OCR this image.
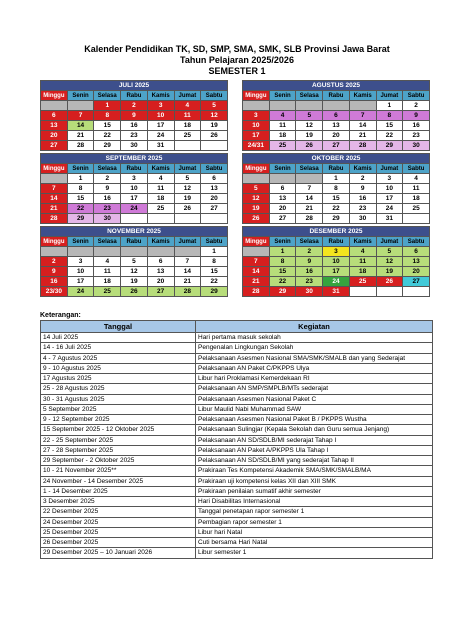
Kalender Pendidikan TK, SD, SMP, SMA, SMK, SLB Provinsi Jawa Barat
Tahun Pelajaran 2025/2026
SEMESTER 1
JULI 2025						
Minggu	Senin	Selasa	Rabu	Kamis	Jumat	Sabtu
		1	2	3	4	5
6	7	8	9	10	11	12
13	14	15	16	17	18	19
20	21	22	23	24	25	26
27	28	29	30	31		
AGUSTUS 2025						
Minggu	Senin	Selasa	Rabu	Kamis	Jumat	Sabtu
					1	2
3	4	5	6	7	8	9
10	11	12	13	14	15	16
17	18	19	20	21	22	23
24/31	25	26	27	28	29	30
SEPTEMBER 2025						
Minggu	Senin	Selasa	Rabu	Kamis	Jumat	Sabtu
	1	2	3	4	5	6
7	8	9	10	11	12	13
14	15	16	17	18	19	20
21	22	23	24	25	26	27
28	29	30				
OKTOBER 2025						
Minggu	Senin	Selasa	Rabu	Kamis	Jumat	Sabtu
			1	2	3	4
5	6	7	8	9	10	11
12	13	14	15	16	17	18
19	20	21	22	23	24	25
26	27	28	29	30	31	
NOVEMBER 2025						
Minggu	Senin	Selasa	Rabu	Kamis	Jumat	Sabtu
						1
2	3	4	5	6	7	8
9	10	11	12	13	14	15
16	17	18	19	20	21	22
23/30	24	25	26	27	28	29
DESEMBER 2025						
Minggu	Senin	Selasa	Rabu	Kamis	Jumat	Sabtu
	1	2	3	4	5	6
7	8	9	10	11	12	13
14	15	16	17	18	19	20
21	22	23	24	25	26	27
28	29	30	31			
Keterangan:
Tanggal	Kegiatan
14 Juli 2025	Hari pertama masuk sekolah
14 - 16 Juli 2025	Pengenalan Lingkungan Sekolah
4 - 7 Agustus 2025	Pelaksanaan Asesmen Nasional SMA/SMK/SMALB dan yang Sederajat
9 - 10 Agustus 2025	Pelaksanaan AN Paket C/PKPPS Ulya
17 Agustus 2025	Libur hari Proklamasi Kemerdekaan RI
25 - 28 Agustus 2025	Pelaksanaan AN SMP/SMPLB/MTs sederajat
30 - 31 Agustus 2025	Pelaksanaan Asesmen Nasional Paket C
5 September 2025	Libur Maulid Nabi Muhammad SAW
9 - 12 September 2025	Pelaksanaan Asesmen Nasional Paket B / PKPPS Wustha
15 September 2025 - 12 Oktober 2025	Pelaksanaan Sulingjar (Kepala Sekolah dan Guru semua Jenjang)
22 - 25 September 2025	Pelaksanaan AN SD/SDLB/MI sederajat Tahap I
27 - 28 September 2025	Pelaksanaan AN Paket A/PKPPS Ula Tahap I
29 September - 2 Oktober 2025	Pelaksanaan AN SD/SDLB/MI yang sederajat Tahap II
10 - 21 November 2025**	Prakiraan Tes Kompetensi Akademik SMA/SMK/SMALB/MA
24 November - 14 Desember 2025	Prakiraan uji kompetensi kelas XII dan XIII SMK
1 - 14 Desember 2025	Prakiraan penilaian sumatif akhir semester
3 Desember 2025	Hari Disabilitas Internasional
22 Desember 2025	Tanggal penetapan rapor semester 1
24 Desember 2025	Pembagian rapor semester 1
25 Desember 2025	Libur hari Natal
26 Desember 2025	Cuti bersama Hari Natal
29 Desember 2025 – 10 Januari 2026	Libur semester 1
